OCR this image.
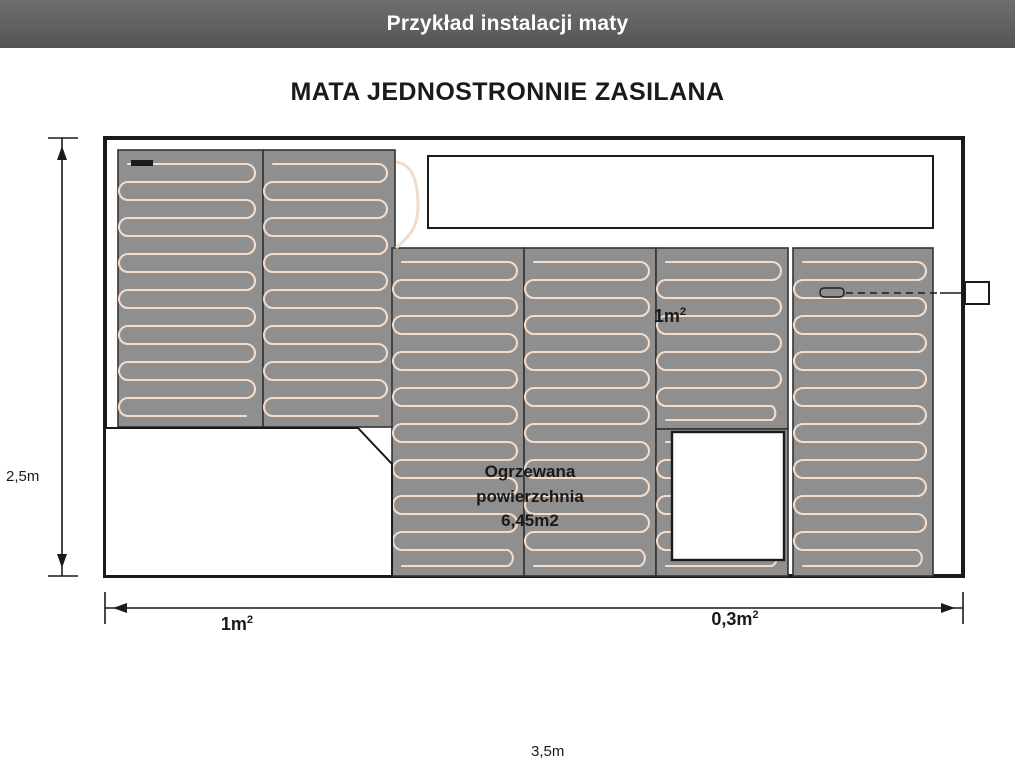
Przykład instalacji maty
MATA JEDNOSTRONNIE ZASILANA
2,5m
3,5m
$1m^2$
$1m^2$	$0,3m^2$
Ogrzewana
powierzchnia
6,45m2
